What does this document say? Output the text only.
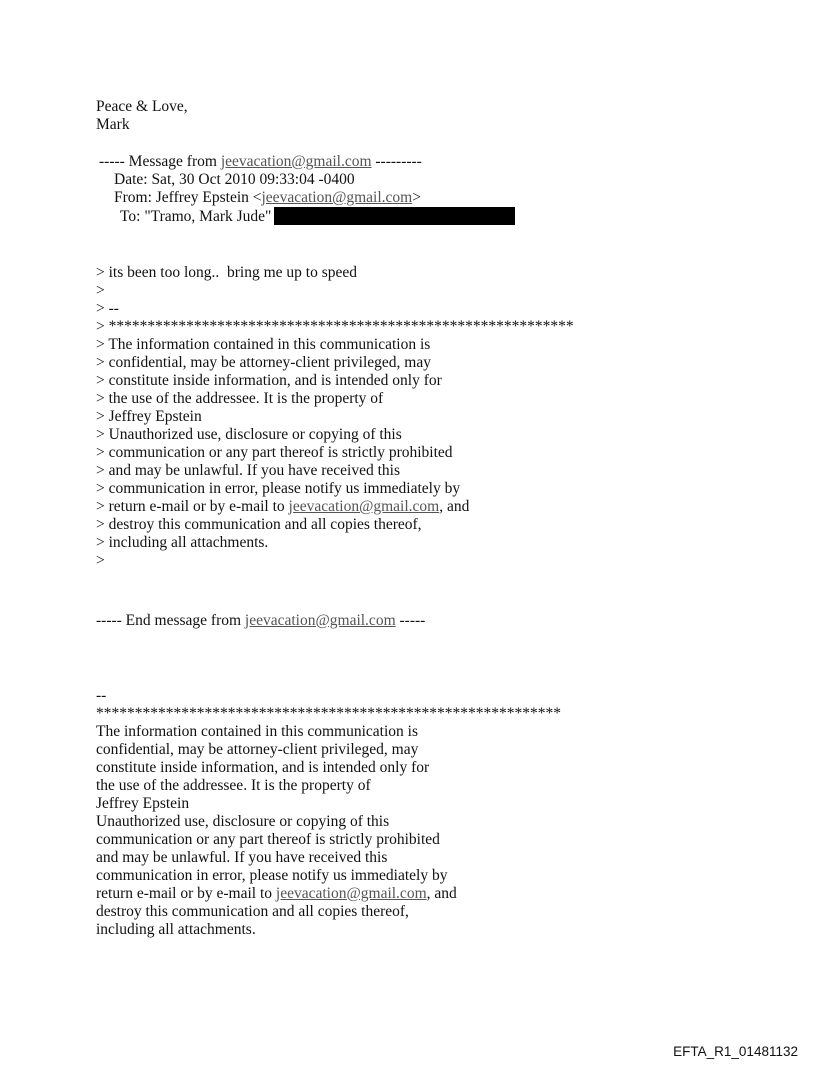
Peace & Love,
Mark
----- Message from jeevacation@gmail.com ---------
Date: Sat, 30 Oct 2010 09:33:04 -0400
From: Jeffrey Epstein <jeevacation@gmail.com>
To: "Tramo, Mark Jude"
> its been too long..  bring me up to speed
>
> --
> ************************************************************
> The information contained in this communication is
> confidential, may be attorney-client privileged, may
> constitute inside information, and is intended only for
> the use of the addressee. It is the property of
> Jeffrey Epstein
> Unauthorized use, disclosure or copying of this
> communication or any part thereof is strictly prohibited
> and may be unlawful. If you have received this
> communication in error, please notify us immediately by
> return e-mail or by e-mail to jeevacation@gmail.com, and
> destroy this communication and all copies thereof,
> including all attachments.
>
----- End message from jeevacation@gmail.com -----
--
************************************************************
The information contained in this communication is
confidential, may be attorney-client privileged, may
constitute inside information, and is intended only for
the use of the addressee. It is the property of
Jeffrey Epstein
Unauthorized use, disclosure or copying of this
communication or any part thereof is strictly prohibited
and may be unlawful. If you have received this
communication in error, please notify us immediately by
return e-mail or by e-mail to jeevacation@gmail.com, and
destroy this communication and all copies thereof,
including all attachments.
EFTA_R1_01481132
